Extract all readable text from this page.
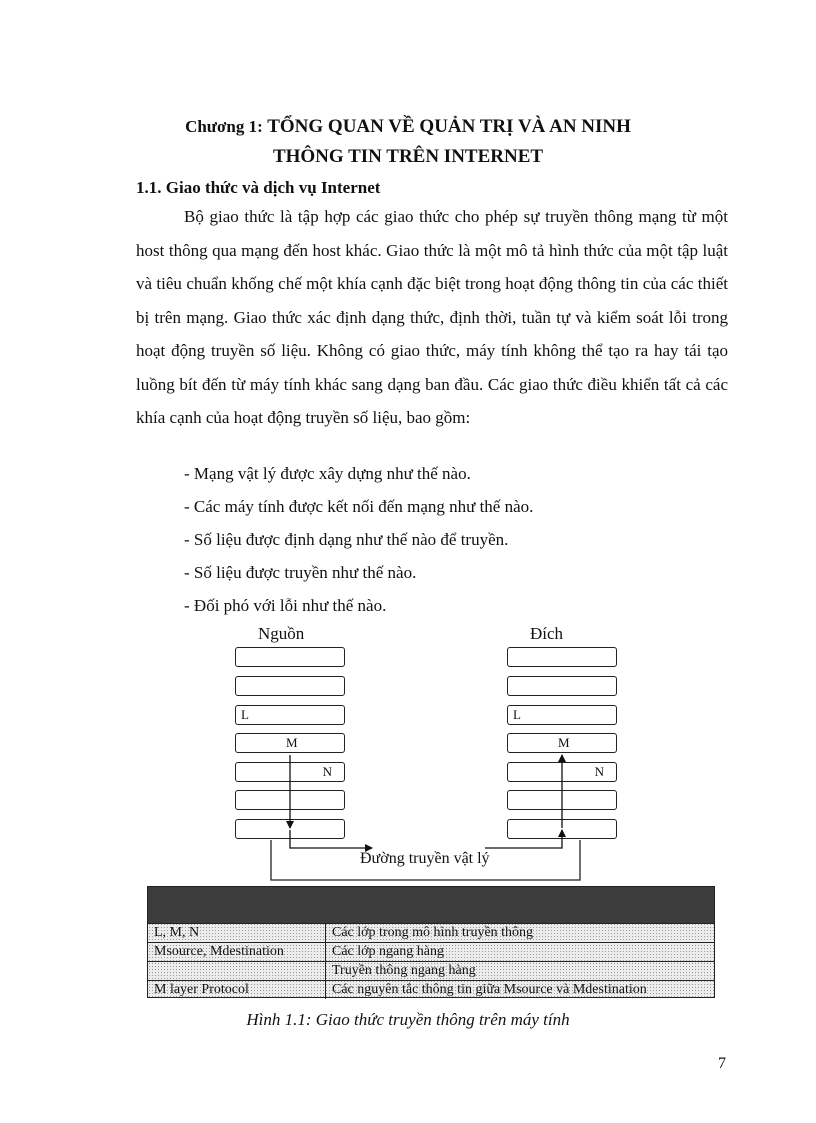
Chương 1: TỔNG QUAN VỀ QUẢN TRỊ VÀ AN NINH
THÔNG TIN TRÊN INTERNET
1.1. Giao thức và dịch vụ Internet

Bộ giao thức là tập hợp các giao thức cho phép sự truyền thông mạng từ một host thông qua mạng đến host khác. Giao thức là một mô tả hình thức của một tập luật và tiêu chuẩn khống chế một khía cạnh đặc biệt trong hoạt động thông tin của các thiết bị trên mạng. Giao thức xác định dạng thức, định thời, tuần tự và kiểm soát lỗi trong hoạt động truyền số liệu. Không có giao thức, máy tính không thể tạo ra hay tái tạo luồng bít đến từ máy tính khác sang dạng ban đầu. Các giao thức điều khiển tất cả các khía cạnh của hoạt động truyền số liệu, bao gồm:

- Mạng vật lý được xây dựng như thế nào.
- Các máy tính được kết nối đến mạng như thế nào.
- Số liệu được định dạng như thế nào để truyền.
- Số liệu được truyền như thế nào.
- Đối phó với lỗi như thế nào.
Nguồn	Đích
L
M
N
L
M
N
Đường truyền vật lý
L, M, N	Các lớp trong mô hình truyền thông
Msource, Mdestination	Các lớp ngang hàng
	Truyền thông ngang hàng
M layer Protocol	Các nguyên tắc thông tin giữa Msource và Mdestination
Hình 1.1: Giao thức truyền thông trên máy tính
7
